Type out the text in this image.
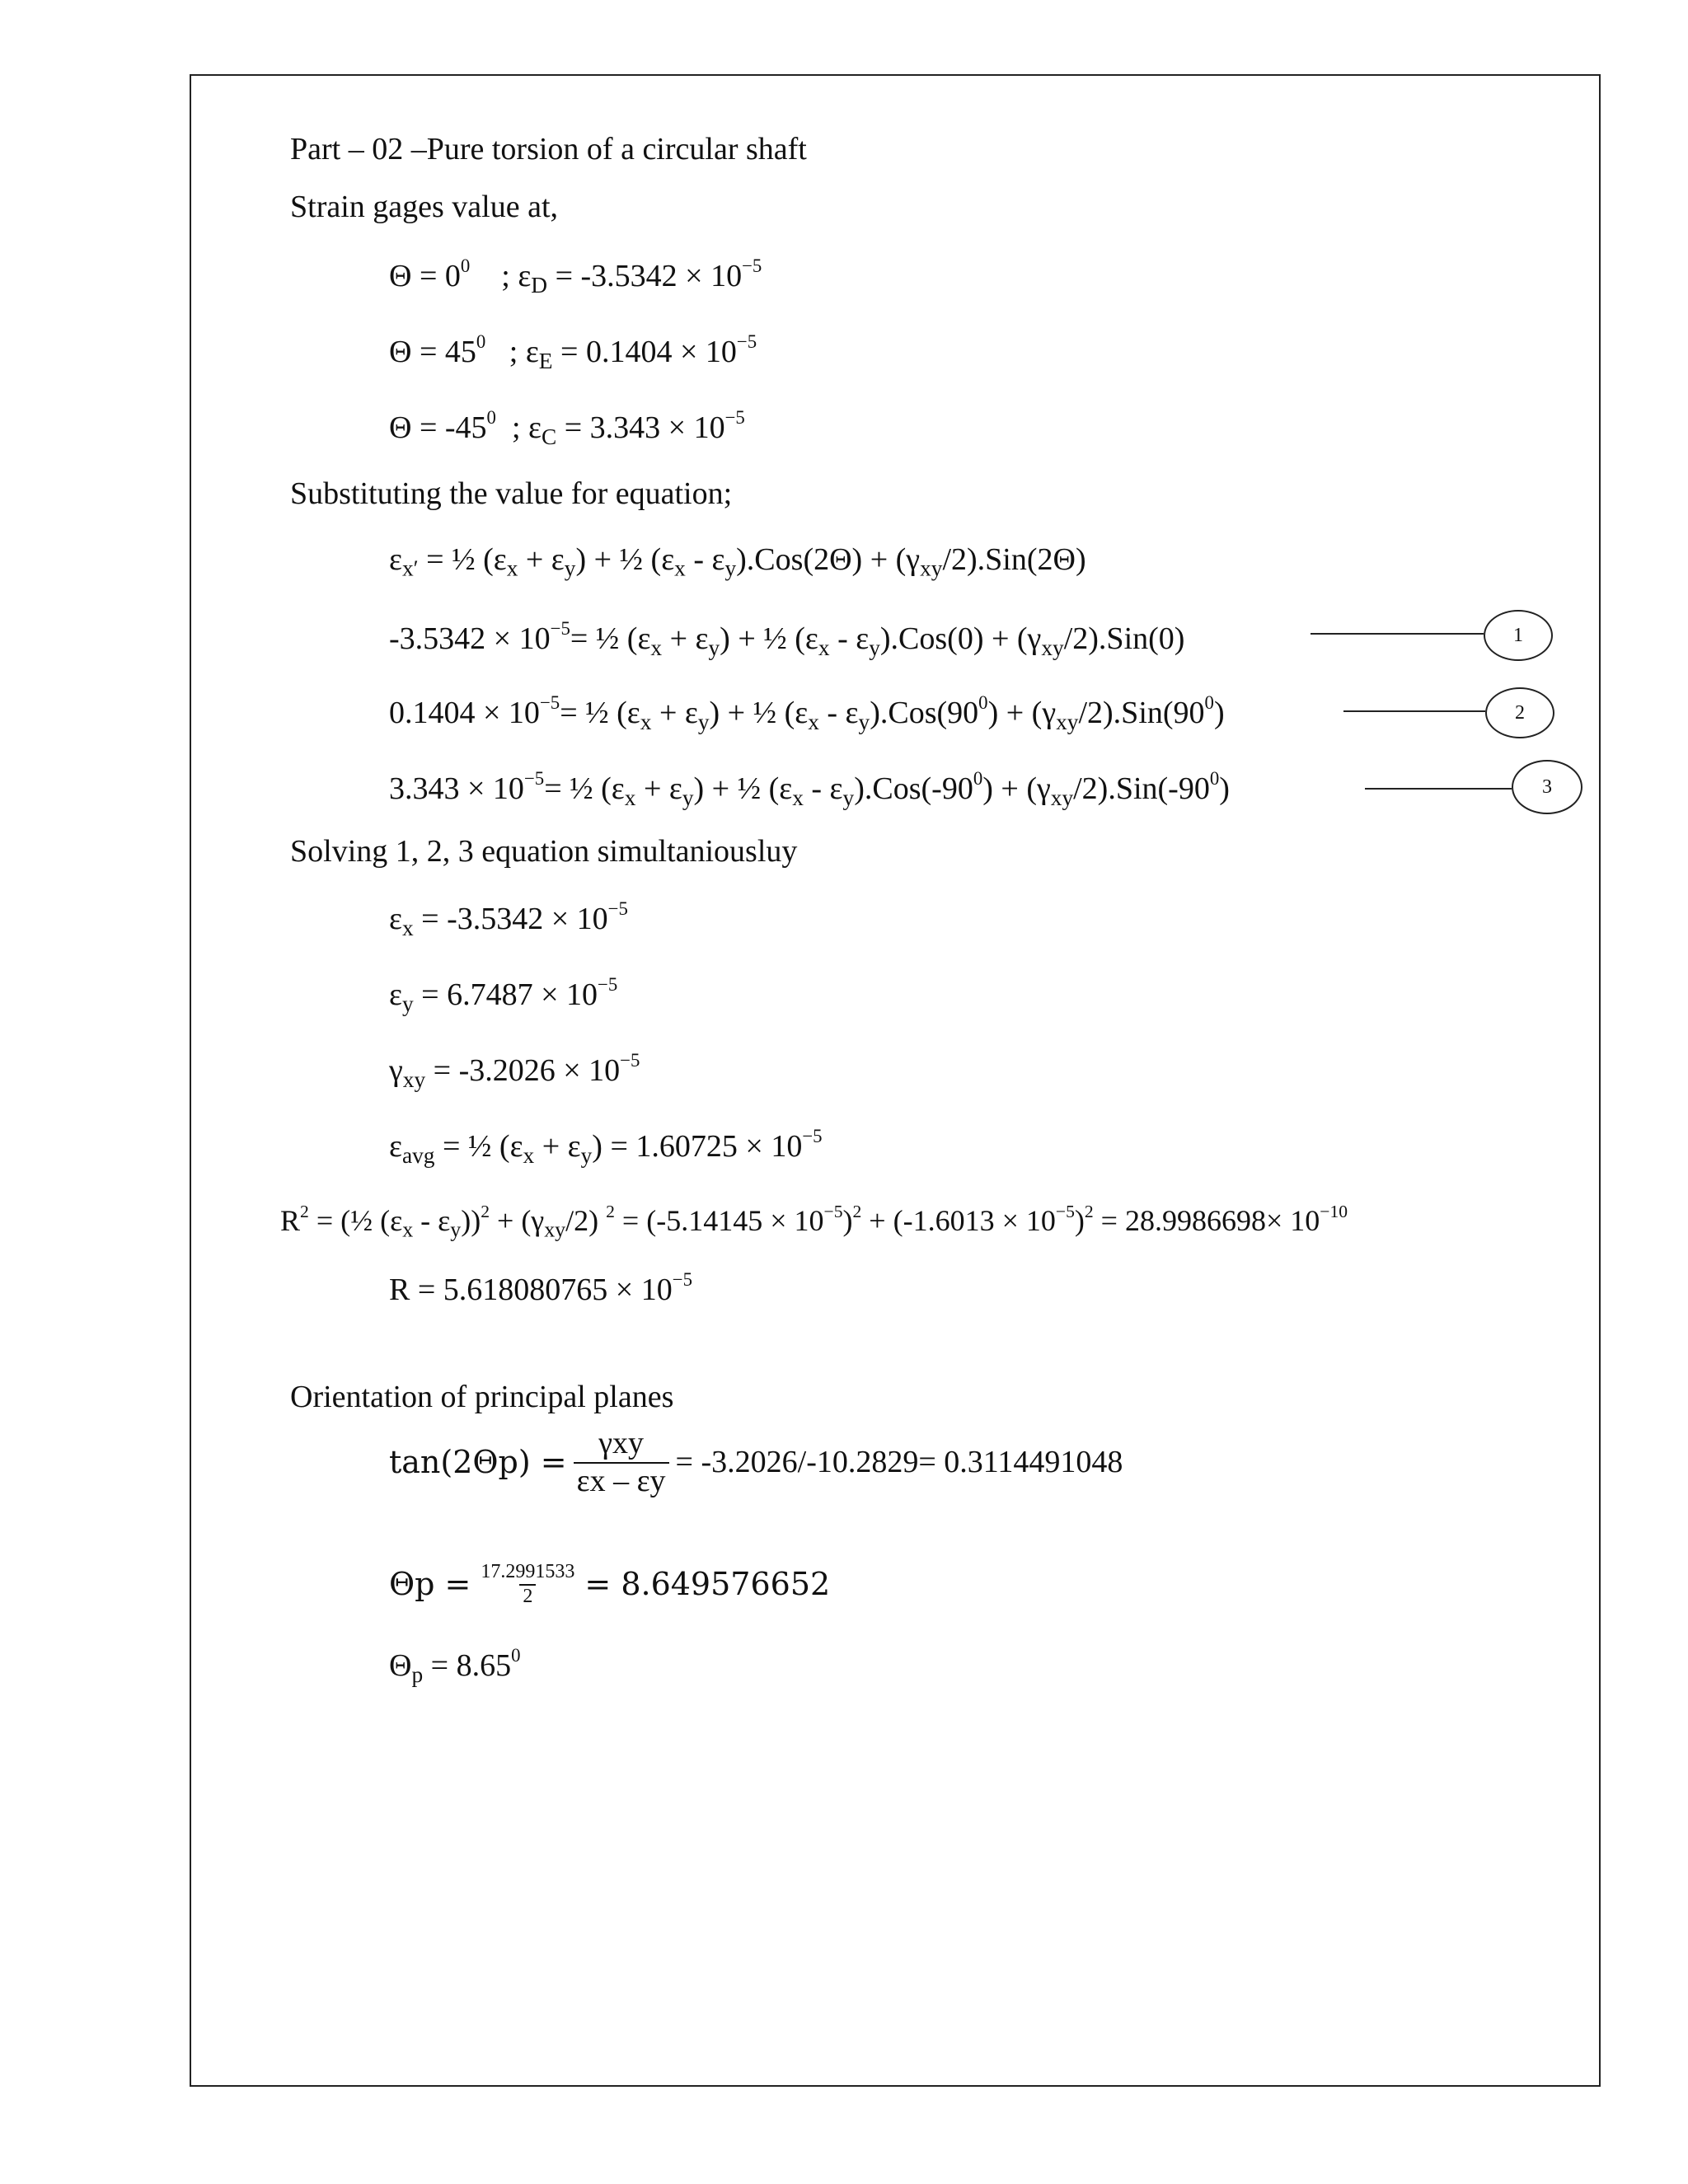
Part – 02 –Pure torsion of a circular shaft
Strain gages value at,
$\Theta = 0^0$ ; $\varepsilon_D = -3.5342 \times 10^{-5}$
$\Theta = 45^0$ ; $\varepsilon_E = 0.1404 \times 10^{-5}$
$\Theta = -45^0$ ; $\varepsilon_C = 3.343 \times 10^{-5}$
Substituting the value for equation;
$\varepsilon_{x'}$ = ½ $(\varepsilon_x + \varepsilon_y)$ + ½ $(\varepsilon_x - \varepsilon_y).Cos(2\Theta) + (\gamma_{xy}/2).Sin(2\Theta)$
$-3.5342 \times 10^{-5}=$ ½ $(\varepsilon_x + \varepsilon_y)$ + ½ $(\varepsilon_x - \varepsilon_y).Cos(0) + (\gamma_{xy}/2).Sin(0)$	1
$0.1404 \times 10^{-5}=$ ½ $(\varepsilon_x + \varepsilon_y)$ + ½ $(\varepsilon_x - \varepsilon_y).Cos(90^0) + (\gamma_{xy}/2).Sin(90^0)$	2
$3.343 \times 10^{-5}=$ ½ $(\varepsilon_x + \varepsilon_y)$ + ½ $(\varepsilon_x - \varepsilon_y).Cos(-90^0) + (\gamma_{xy}/2).Sin(-90^0)$	3
Solving 1, 2, 3 equation simultaniousluy
$\varepsilon_x = -3.5342 \times 10^{-5}$
$\varepsilon_y = 6.7487 \times 10^{-5}$
$\gamma_{xy} = -3.2026 \times 10^{-5}$
$\varepsilon_{avg}$ = ½ $(\varepsilon_x + \varepsilon_y) = 1.60725 \times 10^{-5}$
$R^2$ = (½ $(\varepsilon_x - \varepsilon_y))^2 + (\gamma_{xy}/2)$ $^2 = (-5.14145 \times 10^{-5})^2 + (-1.6013 \times 10^{-5})^2 = 28.9986698\times 10^{-10}$
$R = 5.618080765 \times 10^{-5}$
Orientation of principal planes
$\tan(2\Theta p) = \frac{\text{γxy}}{\varepsilon x - \varepsilon y} = -3.2026/-10.2829= 0.3114491048$
$\Theta p = \frac{17.2991533}{2} = 8.649576652$
$\Theta_p = 8.65^0$
